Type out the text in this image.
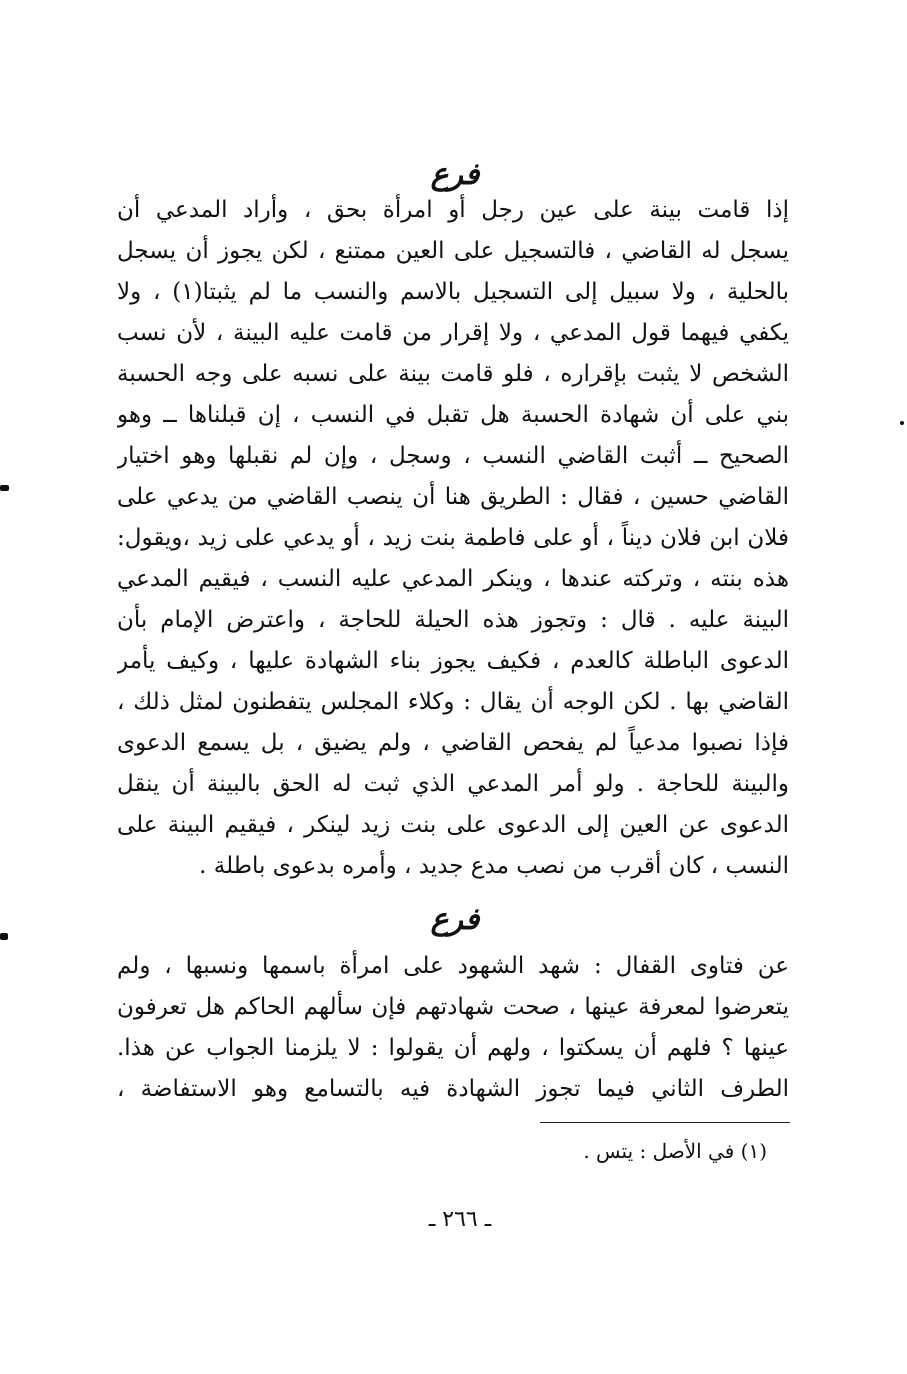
فرع
إذا قامت بينة على عين رجل أو امرأة بحق ، وأراد المدعي أن
يسجل له القاضي ، فالتسجيل على العين ممتنع ، لكن يجوز أن يسجل
بالحلية ، ولا سبيل إلى التسجيل بالاسم والنسب ما لم يثبتا(١) ، ولا
يكفي فيهما قول المدعي ، ولا إقرار من قامت عليه البينة ، لأن نسب
الشخص لا يثبت بإقراره ، فلو قامت بينة على نسبه على وجه الحسبة
بني على أن شهادة الحسبة هل تقبل في النسب ، إن قبلناها ــ وهو
الصحيح ــ أثبت القاضي النسب ، وسجل ، وإن لم نقبلها وهو اختيار
القاضي حسين ، فقال : الطريق هنا أن ينصب القاضي من يدعي على
فلان ابن فلان ديناً ، أو على فاطمة بنت زيد ، أو يدعي على زيد ،ويقول:
هذه بنته ، وتركته عندها ، وينكر المدعي عليه النسب ، فيقيم المدعي
البينة عليه . قال : وتجوز هذه الحيلة للحاجة ، واعترض الإمام بأن
الدعوى الباطلة كالعدم ، فكيف يجوز بناء الشهادة عليها ، وكيف يأمر
القاضي بها . لكن الوجه أن يقال : وكلاء المجلس يتفطنون لمثل ذلك ،
فإذا نصبوا مدعياً لم يفحص القاضي ، ولم يضيق ، بل يسمع الدعوى
والبينة للحاجة . ولو أمر المدعي الذي ثبت له الحق بالبينة أن ينقل
الدعوى عن العين إلى الدعوى على بنت زيد لينكر ، فيقيم البينة على
النسب ، كان أقرب من نصب مدع جديد ، وأمره بدعوى باطلة .
فرع
عن فتاوى القفال : شهد الشهود على امرأة باسمها ونسبها ، ولم
يتعرضوا لمعرفة عينها ، صحت شهادتهم فإن سألهم الحاكم هل تعرفون
عينها ؟ فلهم أن يسكتوا ، ولهم أن يقولوا : لا يلزمنا الجواب عن هذا.
الطرف الثاني فيما تجوز الشهادة فيه بالتسامع وهو الاستفاضة ،
(١) في الأصل : يتس .
ـ ٢٦٦ ـ
